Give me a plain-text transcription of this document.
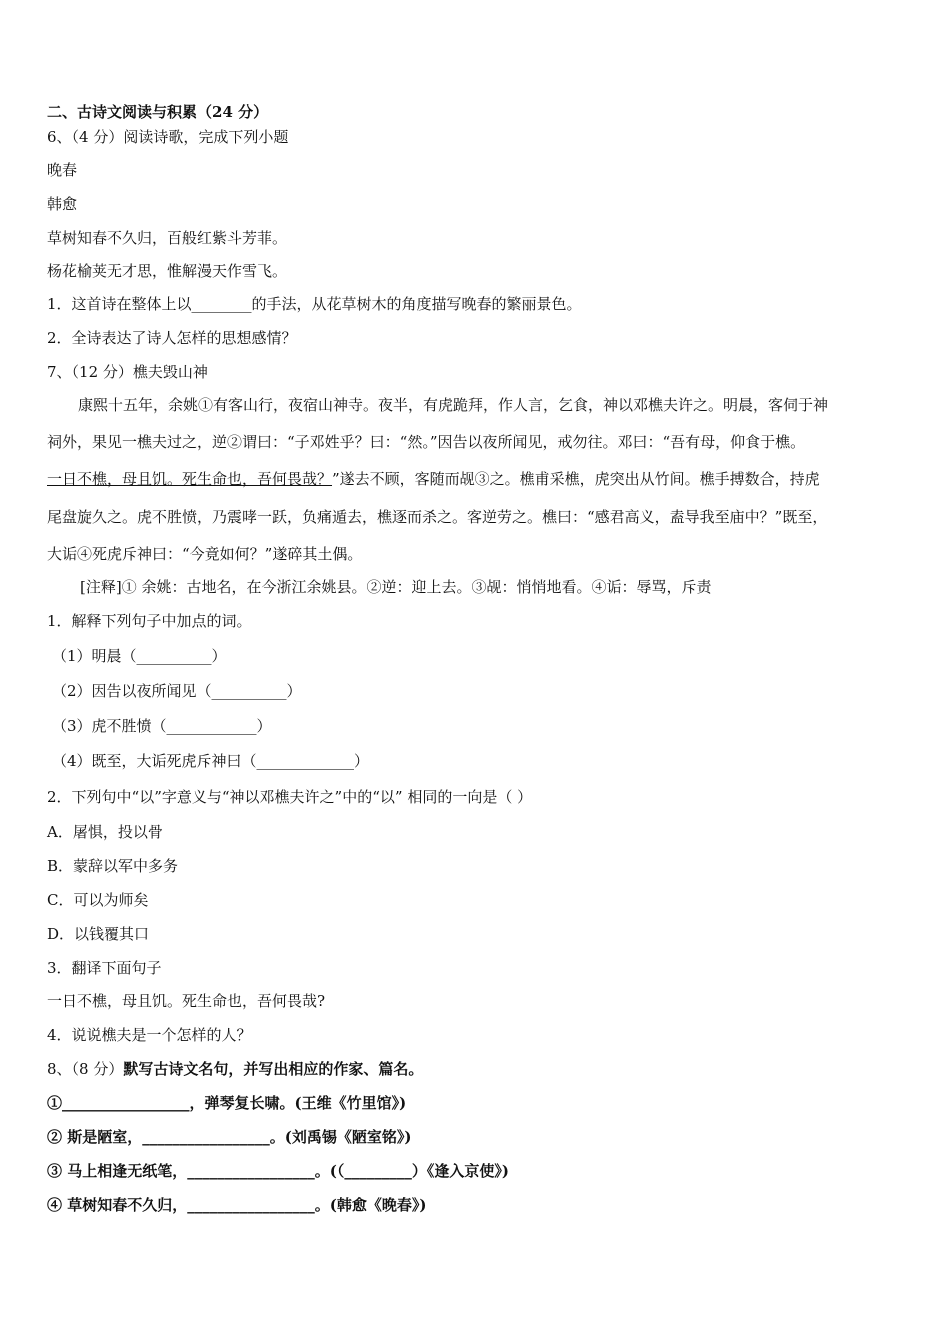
二、古诗文阅读与积累（24 分）
6、（4 分）阅读诗歌，完成下列小题
晚春
韩愈
草树知春不久归，百般红紫斗芳菲。
杨花榆荚无才思，惟解漫天作雪飞。
1．这首诗在整体上以________的手法，从花草树木的角度描写晚春的繁丽景色。
2．全诗表达了诗人怎样的思想感情？
7、（12 分）樵夫毁山神
康熙十五年，余姚①有客山行，夜宿山神寺。夜半，有虎跪拜，作人言，乞食，神以邓樵夫许之。明晨，客伺于神
祠外，果见一樵夫过之，逆②谓曰：“子邓姓乎？曰：“然。”因告以夜所闻见，戒勿往。邓曰：“吾有母，仰食于樵。
一日不樵，母且饥。死生命也，吾何畏哉？”遂去不顾，客随而觇③之。樵甫采樵，虎突出从竹间。樵手搏数合，持虎
尾盘旋久之。虎不胜愤，乃震哮一跃，负痛遁去，樵逐而杀之。客逆劳之。樵曰：“感君高义，盍导我至庙中？”既至，
大诟④死虎斥神曰：“今竟如何？”遂碎其土偶。
[注释]① 余姚：古地名，在今浙江余姚县。②逆：迎上去。③觇：悄悄地看。④诟：辱骂，斥责
1．解释下列句子中加点的词。
（1）明晨（__________）
（2）因告以夜所闻见（__________）
（3）虎不胜愤（____________）
（4）既至，大诟死虎斥神曰（_____________）
2．下列句中“以”字意义与“神以邓樵夫许之”中的“以” 相同的一向是（ ）
A．屠惧，投以骨
B．蒙辞以军中多务
C．可以为师矣
D．以钱覆其口
3．翻译下面句子
一日不樵，母且饥。死生命也，吾何畏哉?
4．说说樵夫是一个怎样的人？
8、（8 分）默写古诗文名句，并写出相应的作家、篇名。
①_________________，弹琴复长啸。(王维《竹里馆》)
② 斯是陋室，_________________。(刘禹锡《陋室铭》)
③ 马上相逢无纸笔，_________________。(（_________）《逢入京使》)
④ 草树知春不久归，_________________。(韩愈《晚春》)
